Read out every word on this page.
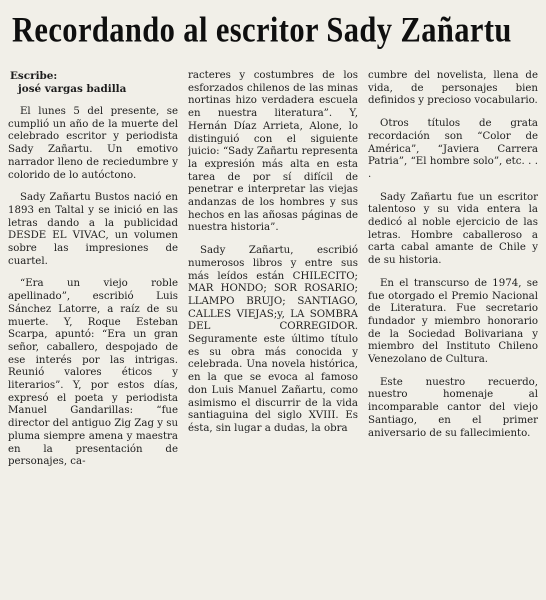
Recordando al escritor Sady Zañartu
Escribe:
josé vargas badilla

El lunes 5 del presente, se cumplió un año de la muerte del celebrado escritor y periodista Sady Zañartu. Un emotivo narrador lleno de reciedumbre y colorido de lo autóctono.

Sady Zañartu Bustos nació en 1893 en Taltal y se inició en las letras dando a la publicidad DESDE EL VIVAC, un volumen sobre las impresiones de cuartel.

“Era un viejo roble apellinado”, escribió Luis Sánchez Latorre, a raíz de su muerte. Y, Roque Esteban Scarpa, apuntó: “Era un gran señor, caballero, despojado de ese interés por las intrigas. Reunió valores éticos y literarios”. Y, por estos días, expresó el poeta y periodista Manuel Gandarillas: “fue director del antiguo Zig Zag y su pluma siempre amena y maestra en la presentación de personajes, ca-

racteres y costumbres de los esforzados chilenos de las minas nortinas hizo verdadera escuela en nuestra literatura”. Y, Hernán Díaz Arrieta, Alone, lo distinguió con el siguiente juicio: “Sady Zañartu representa la expresión más alta en esta tarea de por sí difícil de penetrar e interpretar las viejas andanzas de los hombres y sus hechos en las añosas páginas de nuestra historia”.

Sady Zañartu, escribió numerosos libros y entre sus más leídos están CHILECITO; MAR HONDO; SOR ROSARIO; LLAMPO BRUJO; SANTIAGO, CALLES VIEJAS;y, LA SOMBRA DEL CORREGIDOR. Seguramente este último título es su obra más conocida y celebrada. Una novela histórica, en la que se evoca al famoso don Luis Manuel Zañartu, como asimismo el discurrir de la vida santiaguina del siglo XVIII. Es ésta, sin lugar a dudas, la obra

cumbre del novelista, llena de vida, de personajes bien definidos y precioso vocabulario.

Otros títulos de grata recordación son “Color de América”, “Javiera Carrera Patria”, “El hombre solo”, etc. . . .

Sady Zañartu fue un escritor talentoso y su vida entera la dedicó al noble ejercicio de las letras. Hombre caballeroso a carta cabal amante de Chile y de su historia.

En el transcurso de 1974, se fue otorgado el Premio Nacional de Literatura. Fue secretario fundador y miembro honorario de la Sociedad Bolivariana y miembro del Instituto Chileno Venezolano de Cultura.

Este nuestro recuerdo, nuestro homenaje al incomparable cantor del viejo Santiago, en el primer aniversario de su fallecimiento.
